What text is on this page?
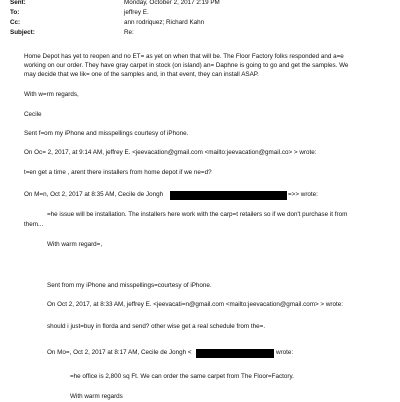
Sent:	Monday, October 2, 2017 2:19 PM
To:	jeffrey E.
Cc:	ann rodriquez; Richard Kahn
Subject:	Re:
Home Depot has yet to reopen and no ET= as yet on when that will be. The Floor Factory folks responded and a=e
working on our order. They have gray carpet in stock (on island) an= Daphne is going to go and get the samples. We
may decide that we lik= one of the samples and, in that event, they can install ASAP.
With w=rm regards,
Cecile
Sent f=om my iPhone and misspellings courtesy of iPhone.
On Oc= 2, 2017, at 9:14 AM, jeffrey E. <jeevacation@gmail.com <mailto:jeevacation@gmail.co> > wrote:
t=en get a time , arent there installers from home depot if we ne=d?
On M=n, Oct 2, 2017 at 8:35 AM, Cecile de Jongh	=>> wrote:
=he issue will be installation. The installers here work with the carp=t retailers so if we don't purchase it from
them...
With warm regard=,
Sent from my iPhone and misspellings=courtesy of iPhone.
On Oct 2, 2017, at 8:33 AM, jeffrey E. <jeevacati=n@gmail.com <mailto:jeevacation@gmail.com> > wrote:
should i just=buy in florda and send? other wise get a real schedule from the=.
On Mo=, Oct 2, 2017 at 8:17 AM, Cecile de Jongh <	wrote:
=he office is 2,800 sq Ft. We can order the same carpet from The Floor=Factory.
With warm regards
